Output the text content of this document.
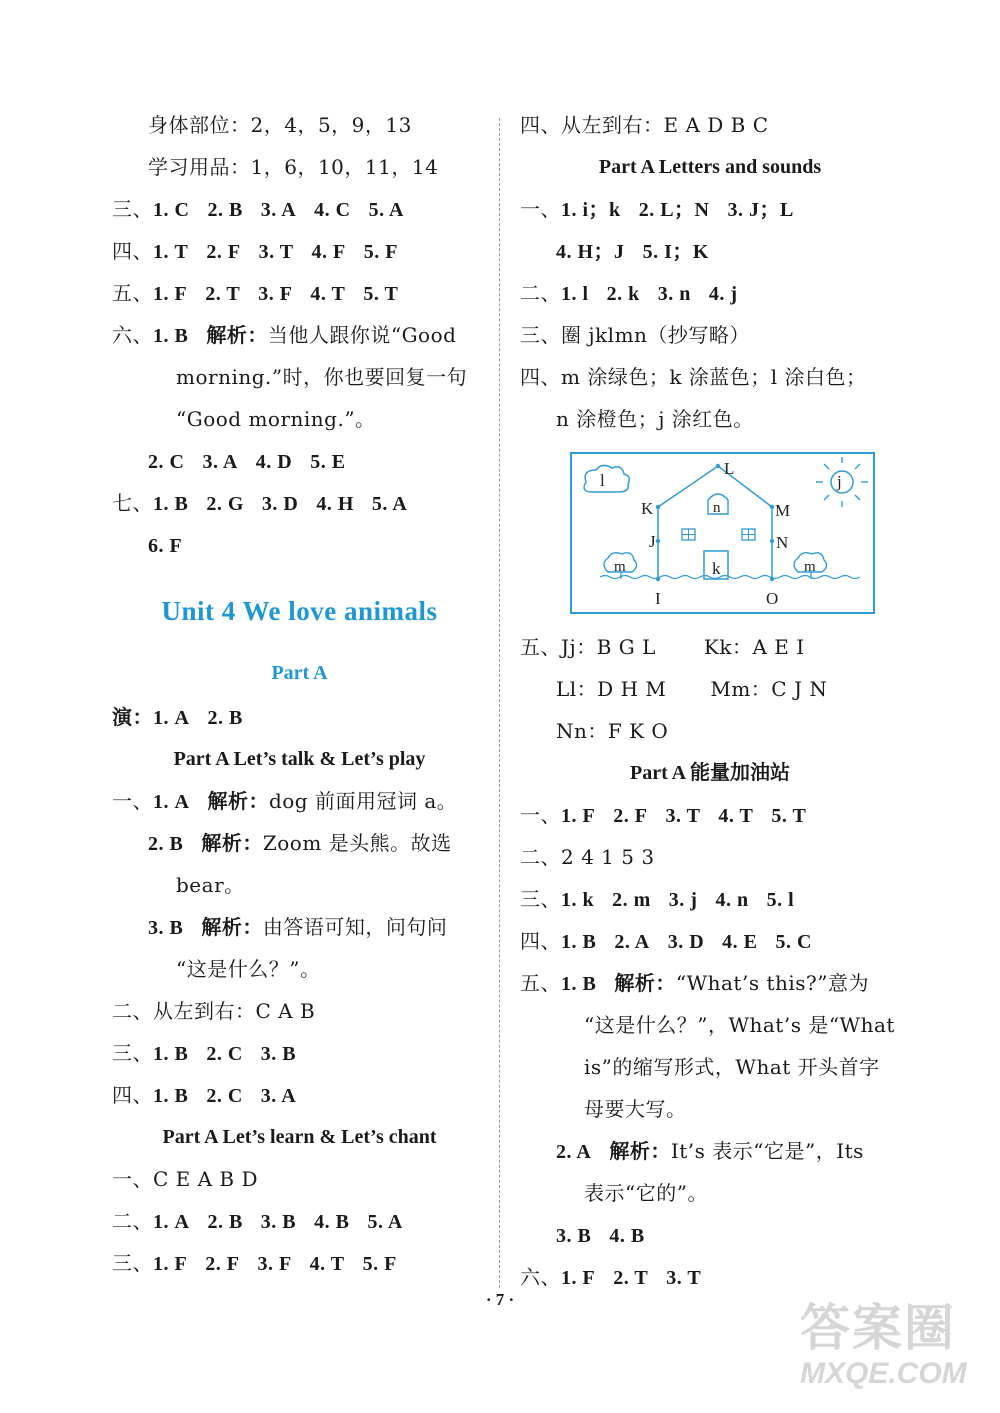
身体部位：2，4，5，9，13
学习用品：1，6，10，11，14
三、1. C 2. B 3. A 4. C 5. A
四、1. T 2. F 3. T 4. F 5. F
五、1. F 2. T 3. F 4. T 5. T
六、1. B 解析：当他人跟你说“Good
morning.”时，你也要回复一句
“Good morning.”。
2. C 3. A 4. D 5. E
七、1. B 2. G 3. D 4. H 5. A
6. F
Unit 4 We love animals
Part A
演：1. A 2. B
Part A Let’s talk & Let’s play
一、1. A 解析：dog 前面用冠词 a。
2. B 解析：Zoom 是头熊。故选
bear。
3. B 解析：由答语可知，问句问
“这是什么？”。
二、从左到右：C A B
三、1. B 2. C 3. B
四、1. B 2. C 3. A
Part A Let’s learn & Let’s chant
一、C E A B D
二、1. A 2. B 3. B 4. B 5. A
三、1. F 2. F 3. F 4. T 5. F
四、从左到右：E A D B C
Part A Letters and sounds
一、1. i；k 2. L；N 3. J；L
4. H；J 5. I；K
二、1. l 2. k 3. n 4. j
三、圈 jklmn（抄写略）
四、m 涂绿色；k 涂蓝色；l 涂白色；
n 涂橙色；j 涂红色。
l	j
L
K	M
n
J	N
k
m	m
I	O
五、Jj：B G L Kk：A E I
Ll：D H M Mm：C J N
Nn：F K O
Part A 能量加油站
一、1. F 2. F 3. T 4. T 5. T
二、2 4 1 5 3
三、1. k 2. m 3. j 4. n 5. l
四、1. B 2. A 3. D 4. E 5. C
五、1. B 解析：“What’s this?”意为
“这是什么？”，What’s 是“What
is”的缩写形式，What 开头首字
母要大写。
2. A 解析：It’s 表示“它是”，Its
表示“它的”。
3. B 4. B
六、1. F 2. T 3. T
· 7 ·
答案圈
MXQE.COM
